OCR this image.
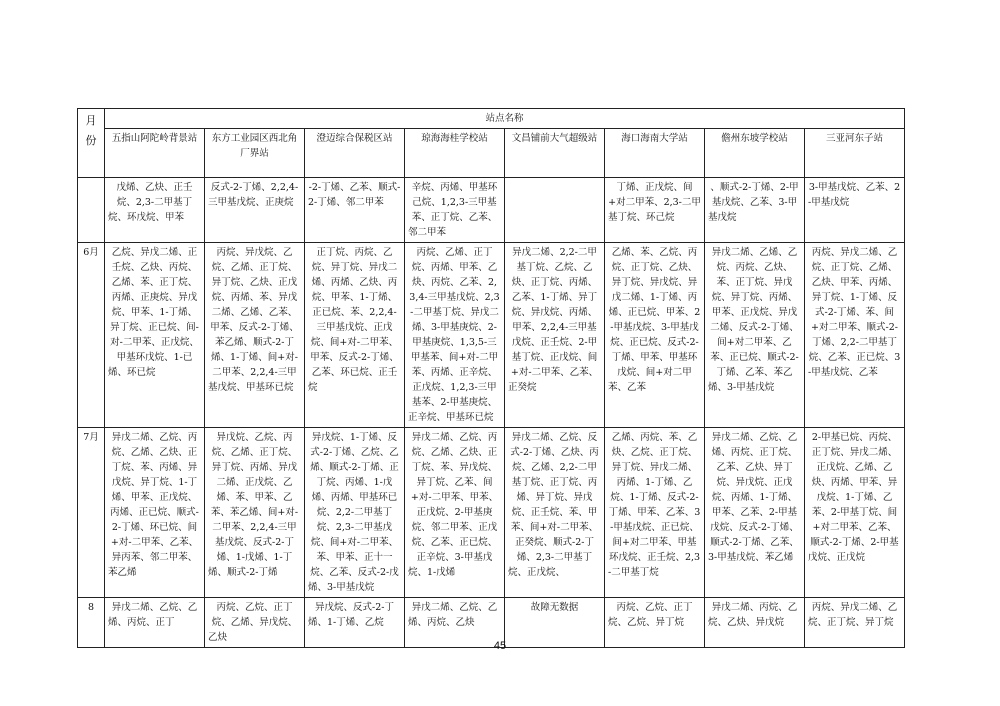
月份	站点名称							
	五指山阿陀岭背景站	东方工业园区西北角厂界站	澄迈综合保税区站	琼海海桂学校站	文昌铺前大气超级站	海口海南大学站	儋州东坡学校站	三亚河东子站
	戊烯、乙炔、正壬烷、2,3-二甲基丁烷、环戊烷、甲苯	反式-2-丁烯、2,2,4-三甲基戊烷、正庚烷	-2-丁烯、乙苯、顺式-2-丁烯、邻二甲苯	辛烷、丙烯、甲基环己烷、1,2,3-三甲基苯、正丁烷、乙苯、邻二甲苯		丁烯、正戊烷、间+对二甲苯、2,3-二甲基丁烷、环己烷	、顺式-2-丁烯、2-甲基戊烷、乙苯、3-甲基戊烷	3-甲基戊烷、乙苯、2-甲基戊烷
6月	乙烷、异戊二烯、正壬烷、乙炔、丙烷、乙烯、苯、正丁烷、丙烯、正庚烷、异戊烷、甲苯、1-丁烯、异丁烷、正已烷、间-对-二甲苯、正戊烷、甲基环戊烷、1-已烯、环已烷	丙烷、异戊烷、乙烷、乙烯、正丁烷、异丁烷、乙炔、正戊烷、丙烯、苯、异戊二烯、乙烯、乙苯、甲苯、反式-2-丁烯、苯乙烯、顺式-2-丁烯、1-丁烯、间+对-二甲苯、2,2,4-三甲基戊烷、甲基环已烷	正丁烷、丙烷、乙烷、异丁烷、异戊二烯、丙烯、乙炔、丙烷、甲苯、1-丁烯、正已烷、苯、2,2,4-三甲基戊烷、正戊烷、间+对-二甲苯、甲苯、反式-2-丁烯、乙苯、环已烷、正壬烷	丙烷、乙烯、正丁烷、丙烯、甲苯、乙炔、丙烷、乙苯、2,3,4-三甲基戊烷、2,3-二甲基丁烷、异戊二烯、3-甲基庚烷、2-甲基庚烷、1,3,5-三甲基苯、间+对-二甲苯、丙烯、正辛烷、正戊烷、1,2,3-三甲基苯、2-甲基庚烷、正辛烷、甲基环已烷	异戊二烯、2,2-二甲基丁烷、乙烷、乙炔、正丁烷、丙烯、乙苯、1-丁烯、异丁烷、异戊烷、丙烯、甲苯、2,2,4-三甲基戊烷、正壬烷、2-甲基丁烷、正戊烷、间+对-二甲苯、乙苯、正癸烷	乙烯、苯、乙烷、丙烷、正丁烷、乙炔、异丁烷、异戊烷、异戊二烯、1-丁烯、丙烯、正已烷、甲苯、2-甲基戊烷、3-甲基戊烷、正已烷、反式-2-丁烯、甲苯、甲基环戊烷、间+对二甲苯、乙苯	异戊二烯、乙烯、乙烷、丙烷、乙炔、苯、正丁烷、异戊烷、异丁烷、丙烯、甲苯、正戊烷、异戊二烯、反式-2-丁烯、间+对二甲苯、乙苯、正已烷、顺式-2-丁烯、乙苯、苯乙烯、3-甲基戊烷	丙烷、异戊二烯、乙烷、正丁烷、乙烯、乙炔、甲苯、丙烯、异丁烷、1-丁烯、反式-2-丁烯、苯、间+对二甲苯、顺式-2-丁烯、2,2-二甲基丁烷、乙苯、正已烷、3-甲基戊烷、乙苯
7月	异戊二烯、乙烷、丙烷、乙烯、乙炔、正丁烷、苯、丙烯、异戊烷、异丁烷、1-丁烯、甲苯、正戊烷、丙烯、正已烷、顺式-2-丁烯、环已烷、间+对-二甲苯、乙苯、异丙苯、邻二甲苯、苯乙烯	异戊烷、乙烷、丙烷、乙烯、正丁烷、异丁烷、丙烯、异戊二烯、正戊烷、乙烯、苯、甲苯、乙苯、苯乙烯、间+对-二甲苯、2,2,4-三甲基戊烷、反式-2-丁烯、1-戊烯、1-丁烯、顺式-2-丁烯	异戊烷、1-丁烯、反式-2-丁烯、乙烷、乙烯、顺式-2-丁烯、正丁烷、丙烯、1-戊烯、丙烯、甲基环已烷、2,2-二甲基丁烷、2,3-二甲基戊烷、间+对-二甲苯、苯、甲苯、正十一烷、乙苯、反式-2-戊烯、3-甲基戊烷	异戊二烯、乙烷、丙烷、乙烯、乙炔、正丁烷、苯、异戊烷、异丁烷、乙苯、间+对-二甲苯、甲苯、正戊烷、2-甲基庚烷、邻二甲苯、正戊烷、乙苯、正已烷、正辛烷、3-甲基戊烷、1-戊烯	异戊二烯、乙烷、反式-2-丁烯、乙炔、丙烷、乙烯、2,2-二甲基丁烷、正丁烷、丙烯、异丁烷、异戊烷、正壬烷、苯、甲苯、间+对-二甲苯、正癸烷、顺式-2-丁烯、2,3-二甲基丁烷、正戊烷、	乙烯、丙烷、苯、乙炔、乙烷、正丁烷、异丁烷、异戊二烯、丙烯、1-丁烯、乙烷、1-丁烯、反式-2-丁烯、甲苯、乙苯、3-甲基戊烷、正已烷、间+对二甲苯、甲基环戊烷、正壬烷、2,3-二甲基丁烷	异戊二烯、乙烷、乙烯、丙烷、正丁烷、乙苯、乙炔、异丁烷、异戊烷、正戊烷、丙烯、1-丁烯、甲苯、乙苯、2-甲基戊烷、反式-2-丁烯、顺式-2-丁烯、乙苯、3-甲基戊烷、苯乙烯	2-甲基已烷、丙烷、正丁烷、异戊二烯、正戊烷、乙烯、乙炔、丙烯、甲苯、异戊烷、1-丁烯、乙苯、2-甲基丁烷、间+对二甲苯、乙苯、顺式-2-丁烯、2-甲基戊烷、正戊烷
8	异戊二烯、乙烷、乙烯、丙烷、正丁	丙烷、乙烷、正丁烷、乙烯、异戊烷、乙炔	异戊烷、反式-2-丁烯、1-丁烯、乙烷	异戊二烯、乙烷、乙烯、丙烷、乙炔	故障无数据	丙烷、乙烷、正丁烷、乙烷、异丁烷	异戊二烯、丙烷、乙烷、乙炔、异戊烷	丙烷、异戊二烯、乙烷、正丁烷、异丁烷
45
